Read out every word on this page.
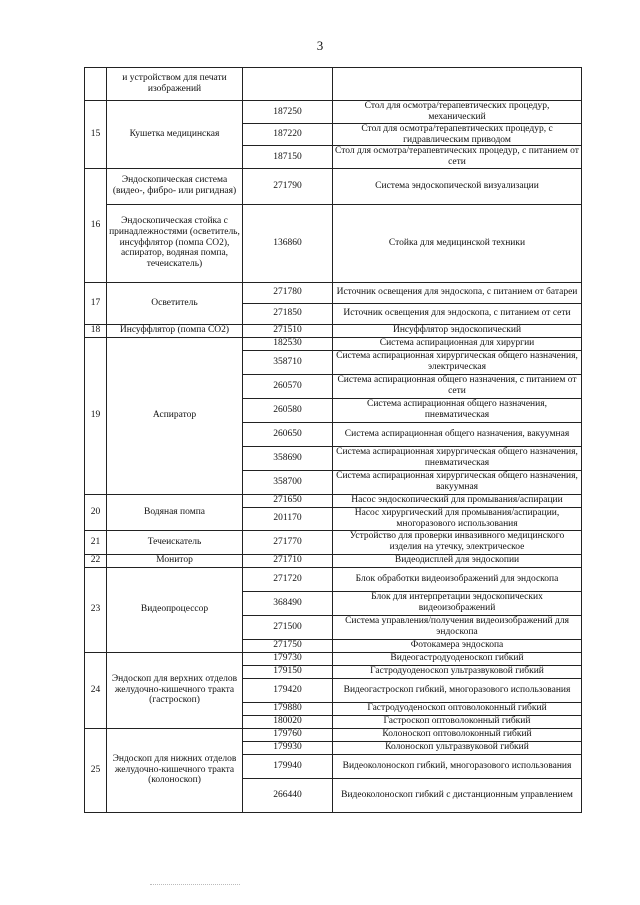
3
	и устройством для печати изображений		
15	Кушетка медицинская	187250	Стол для осмотра/терапевтических процедур, механический
		187220	Стол для осмотра/терапевтических процедур, с гидравлическим приводом
		187150	Стол для осмотра/терапевтических процедур, с питанием от сети
16	Эндоскопическая система (видео-, фибро- или ригидная)	271790	Система эндоскопической визуализации
	Эндоскопическая стойка с принадлежностями (осветитель, инсуффлятор (помпа CO2), аспиратор, водяная помпа, течеискатель)	136860	Стойка для медицинской техники
17	Осветитель	271780	Источник освещения для эндоскопа, с питанием от батареи
		271850	Источник освещения для эндоскопа, с питанием от сети
18	Инсуффлятор (помпа CO2)	271510	Инсуффлятор эндоскопический
19	Аспиратор	182530	Система аспирационная для хирургии
		358710	Система аспирационная хирургическая общего назначения, электрическая
		260570	Система аспирационная общего назначения, с питанием от сети
		260580	Система аспирационная общего назначения, пневматическая
		260650	Система аспирационная общего назначения, вакуумная
		358690	Система аспирационная хирургическая общего назначения, пневматическая
		358700	Система аспирационная хирургическая общего назначения, вакуумная
20	Водяная помпа	271650	Насос эндоскопический для промывания/аспирации
		201170	Насос хирургический для промывания/аспирации, многоразового использования
21	Течеискатель	271770	Устройство для проверки инвазивного медицинского изделия на утечку, электрическое
22	Монитор	271710	Видеодисплей для эндоскопии
23	Видеопроцессор	271720	Блок обработки видеоизображений для эндоскопа
		368490	Блок для интерпретации эндоскопических видеоизображений
		271500	Система управления/получения видеоизображений для эндоскопа
		271750	Фотокамера эндоскопа
24	Эндоскоп для верхних отделов желудочно-кишечного тракта (гастроскоп)	179730	Видеогастродуоденоскоп гибкий
		179150	Гастродуоденоскоп ультразвуковой гибкий
		179420	Видеогастроскоп гибкий, многоразового использования
		179880	Гастродуоденоскоп оптоволоконный гибкий
		180020	Гастроскоп оптоволоконный гибкий
25	Эндоскоп для нижних отделов желудочно-кишечного тракта (колоноскоп)	179760	Колоноскоп оптоволоконный гибкий
		179930	Колоноскоп ультразвуковой гибкий
		179940	Видеоколоноскоп гибкий, многоразового использования
		266440	Видеоколоноскоп гибкий с дистанционным управлением
